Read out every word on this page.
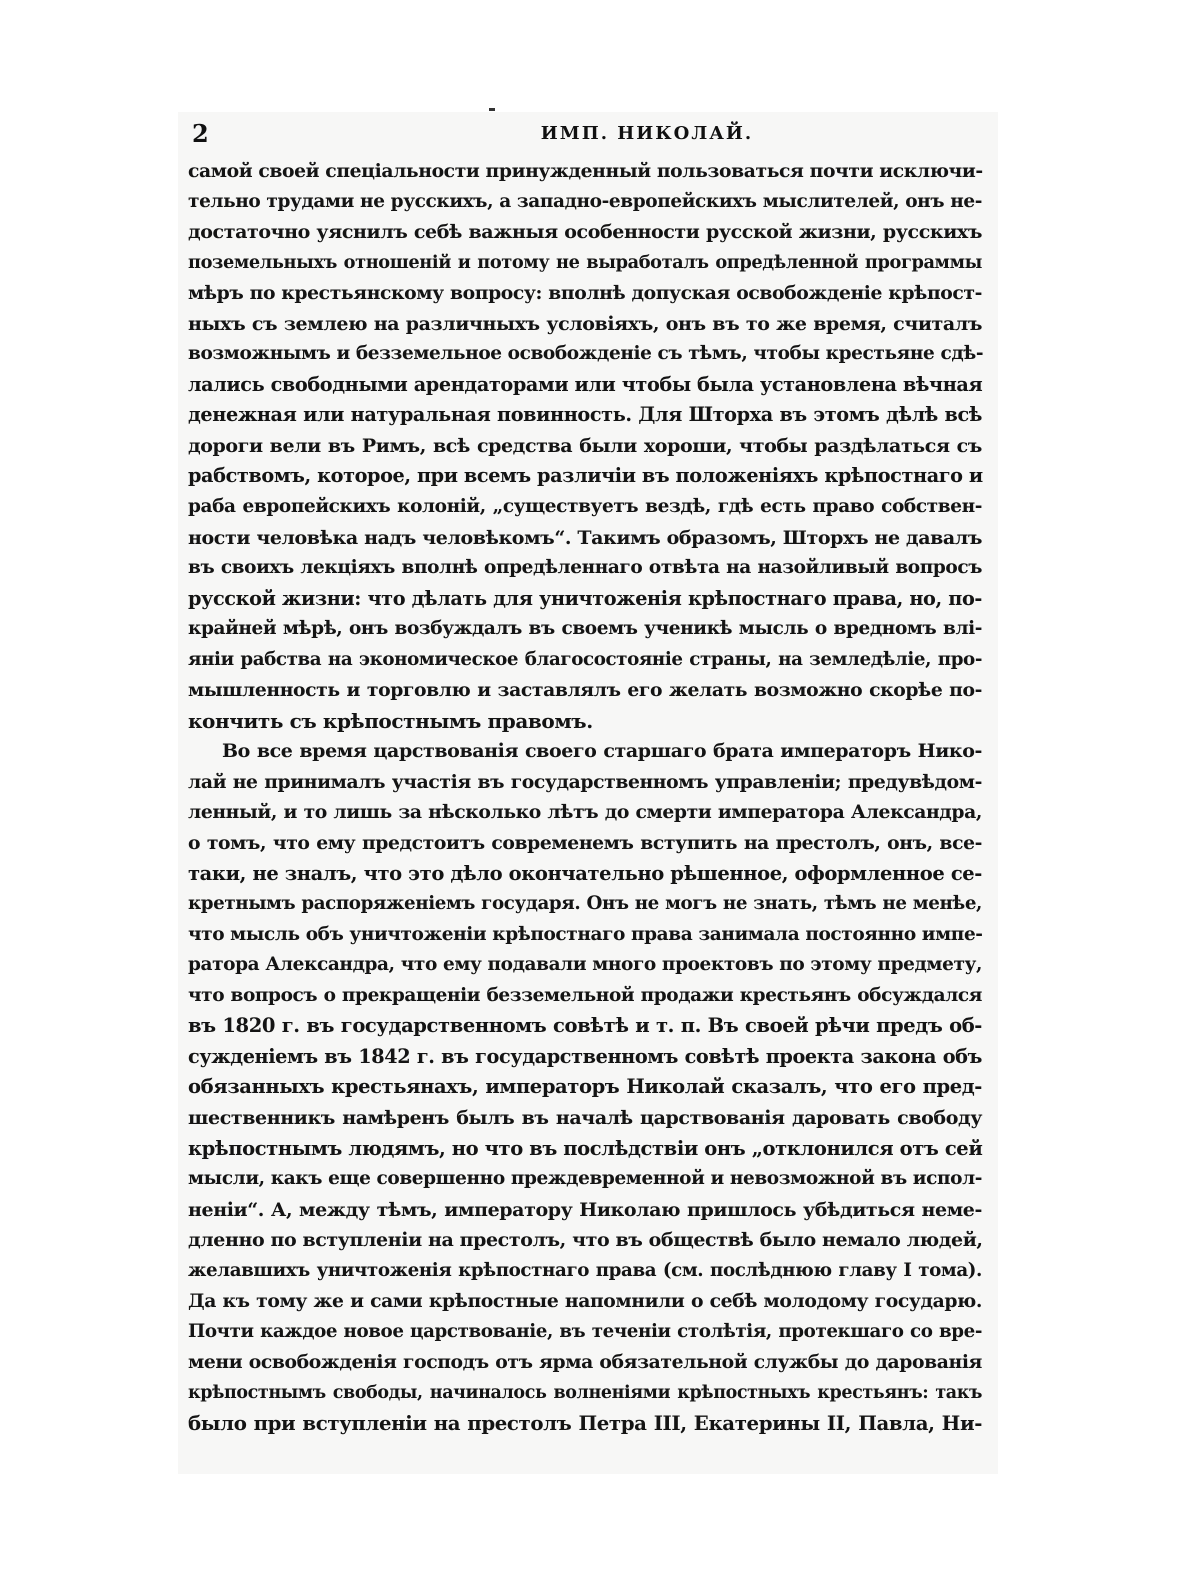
2	ИМП. НИКОЛАЙ.
самой своей спеціальности принужденный пользоваться почти исключи-
тельно трудами не русскихъ, а западно-европейскихъ мыслителей, онъ не-
достаточно уяснилъ себѣ важныя особенности русской жизни, русскихъ
поземельныхъ отношеній и потому не выработалъ опредѣленной программы
мѣръ по крестьянскому вопросу: вполнѣ допуская освобожденіе крѣпост-
ныхъ съ землею на различныхъ условіяхъ, онъ въ то же время, считалъ
возможнымъ и безземельное освобожденіе съ тѣмъ, чтобы крестьяне сдѣ-
лались свободными арендаторами или чтобы была установлена вѣчная
денежная или натуральная повинность. Для Шторха въ этомъ дѣлѣ всѣ
дороги вели въ Римъ, всѣ средства были хороши, чтобы раздѣлаться съ
рабствомъ, которое, при всемъ различіи въ положеніяхъ крѣпостнаго и
раба европейскихъ колоній, „существуетъ вездѣ, гдѣ есть право собствен-
ности человѣка надъ человѣкомъ“. Такимъ образомъ, Шторхъ не давалъ
въ своихъ лекціяхъ вполнѣ опредѣленнаго отвѣта на назойливый вопросъ
русской жизни: что дѣлать для уничтоженія крѣпостнаго права, но, по-
крайней мѣрѣ, онъ возбуждалъ въ своемъ ученикѣ мысль о вредномъ влі-
яніи рабства на экономическое благосостояніе страны, на земледѣліе, про-
мышленность и торговлю и заставлялъ его желать возможно скорѣе по-
кончить съ крѣпостнымъ правомъ.
Во все время царствованія своего старшаго брата императоръ Нико-
лай не принималъ участія въ государственномъ управленіи; предувѣдом-
ленный, и то лишь за нѣсколько лѣтъ до смерти императора Александра,
о томъ, что ему предстоитъ современемъ вступить на престолъ, онъ, все-
таки, не зналъ, что это дѣло окончательно рѣшенное, оформленное се-
кретнымъ распоряженіемъ государя. Онъ не могъ не знать, тѣмъ не менѣе,
что мысль объ уничтоженіи крѣпостнаго права занимала постоянно импе-
ратора Александра, что ему подавали много проектовъ по этому предмету,
что вопросъ о прекращеніи безземельной продажи крестьянъ обсуждался
въ 1820 г. въ государственномъ совѣтѣ и т. п. Въ своей рѣчи предъ об-
сужденіемъ въ 1842 г. въ государственномъ совѣтѣ проекта закона объ
обязанныхъ крестьянахъ, императоръ Николай сказалъ, что его пред-
шественникъ намѣренъ былъ въ началѣ царствованія даровать свободу
крѣпостнымъ людямъ, но что въ послѣдствіи онъ „отклонился отъ сей
мысли, какъ еще совершенно преждевременной и невозможной въ испол-
неніи“. А, между тѣмъ, императору Николаю пришлось убѣдиться неме-
дленно по вступленіи на престолъ, что въ обществѣ было немало людей,
желавшихъ уничтоженія крѣпостнаго права (см. послѣднюю главу I тома).
Да къ тому же и сами крѣпостные напомнили о себѣ молодому государю.
Почти каждое новое царствованіе, въ теченіи столѣтія, протекшаго со вре-
мени освобожденія господъ отъ ярма обязательной службы до дарованія
крѣпостнымъ свободы, начиналось волненіями крѣпостныхъ крестьянъ: такъ
было при вступленіи на престолъ Петра III, Екатерины II, Павла, Ни-
